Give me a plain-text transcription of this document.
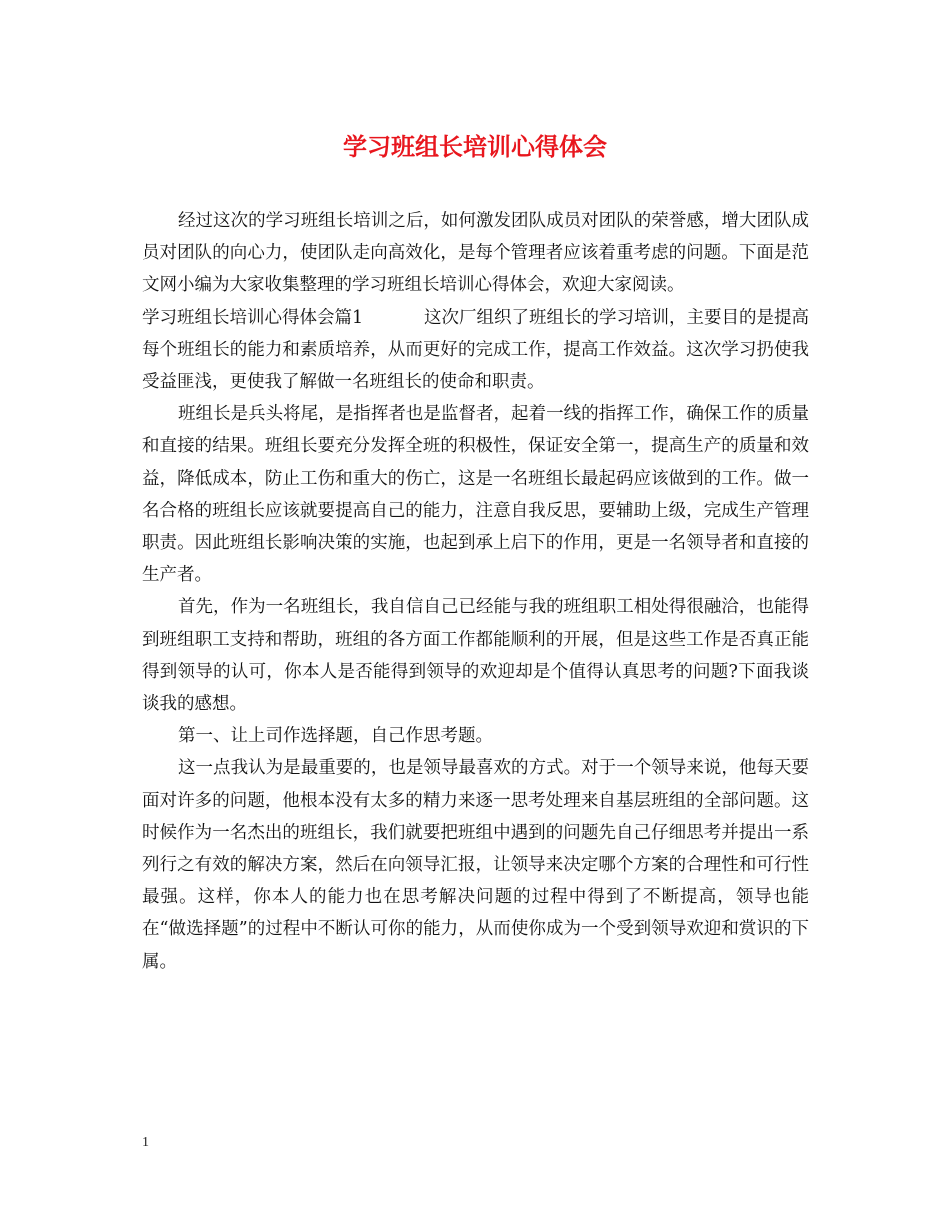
学习班组长培训心得体会

经过这次的学习班组长培训之后，如何激发团队成员对团队的荣誉感，增大团队成员对团队的向心力，使团队走向高效化，是每个管理者应该着重考虑的问题。下面是范文网小编为大家收集整理的学习班组长培训心得体会，欢迎大家阅读。

学习班组长培训心得体会篇1	这次厂组织了班组长的学习培训，主要目的是提高每个班组长的能力和素质培养，从而更好的完成工作，提高工作效益。这次学习扔使我受益匪浅，更使我了解做一名班组长的使命和职责。

班组长是兵头将尾，是指挥者也是监督者，起着一线的指挥工作，确保工作的质量和直接的结果。班组长要充分发挥全班的积极性，保证安全第一，提高生产的质量和效益，降低成本，防止工伤和重大的伤亡，这是一名班组长最起码应该做到的工作。做一名合格的班组长应该就要提高自己的能力，注意自我反思，要辅助上级，完成生产管理职责。因此班组长影响决策的实施，也起到承上启下的作用，更是一名领导者和直接的生产者。

首先，作为一名班组长，我自信自己已经能与我的班组职工相处得很融洽，也能得到班组职工支持和帮助，班组的各方面工作都能顺利的开展，但是这些工作是否真正能得到领导的认可，你本人是否能得到领导的欢迎却是个值得认真思考的问题?下面我谈谈我的感想。

第一、让上司作选择题，自己作思考题。

这一点我认为是最重要的，也是领导最喜欢的方式。对于一个领导来说，他每天要面对许多的问题，他根本没有太多的精力来逐一思考处理来自基层班组的全部问题。这时候作为一名杰出的班组长，我们就要把班组中遇到的问题先自己仔细思考并提出一系列行之有效的解决方案，然后在向领导汇报，让领导来决定哪个方案的合理性和可行性最强。这样，你本人的能力也在思考解决问题的过程中得到了不断提高，领导也能在“做选择题”的过程中不断认可你的能力，从而使你成为一个受到领导欢迎和赏识的下属。

1
